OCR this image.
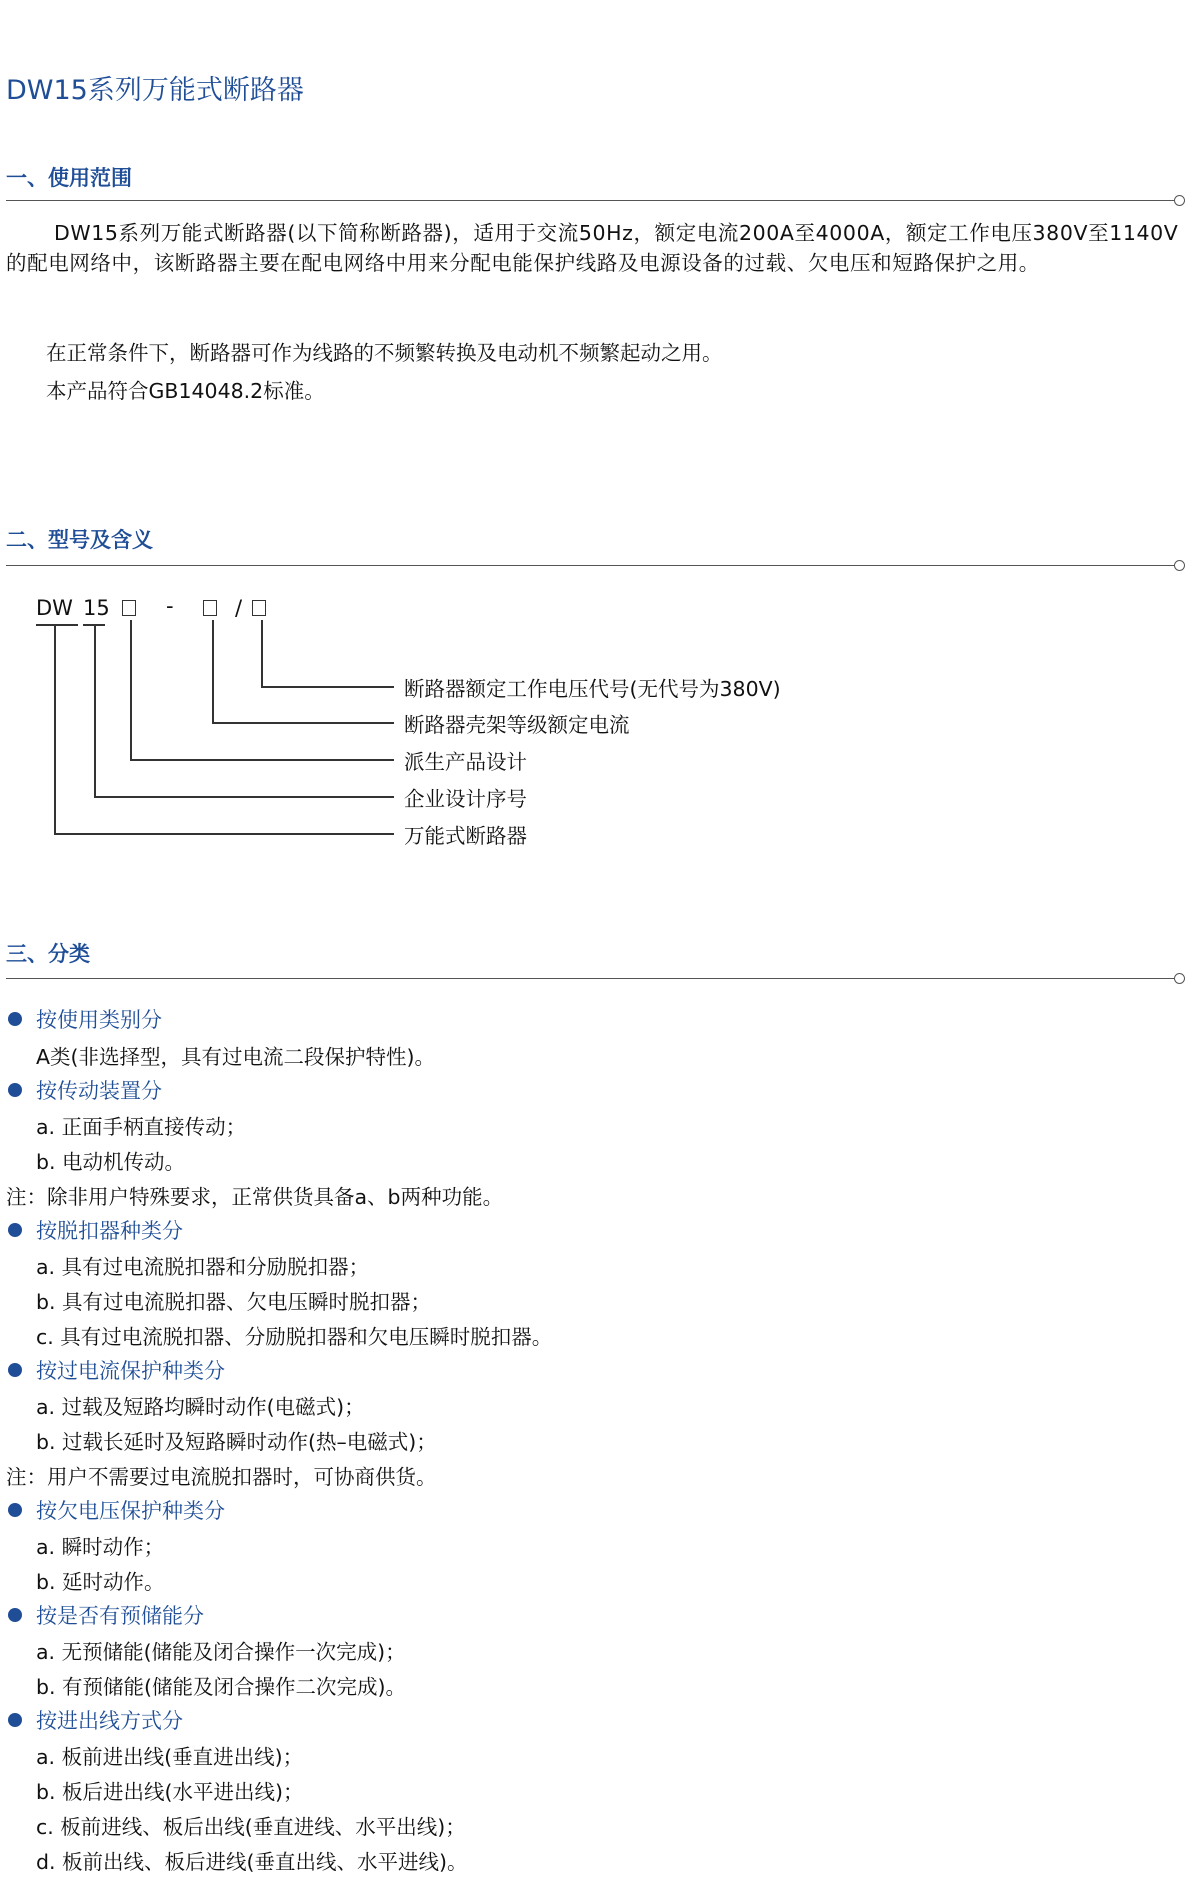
DW15系列万能式断路器
一、使用范围
DW15系列万能式断路器(以下简称断路器)，适用于交流50Hz，额定电流200A至4000A，额定工作电压380V至1140V的配电网络中，该断路器主要在配电网络中用来分配电能保护线路及电源设备的过载、欠电压和短路保护之用。
在正常条件下，断路器可作为线路的不频繁转换及电动机不频繁起动之用。
本产品符合GB14048.2标准。
二、型号及含义
DW 15	-	/
断路器额定工作电压代号(无代号为380V)
断路器壳架等级额定电流
派生产品设计
企业设计序号
万能式断路器
三、分类
按使用类别分
A类(非选择型，具有过电流二段保护特性)。
按传动装置分
a. 正面手柄直接传动；
b. 电动机传动。
注：除非用户特殊要求，正常供货具备a、b两种功能。
按脱扣器种类分
a. 具有过电流脱扣器和分励脱扣器；
b. 具有过电流脱扣器、欠电压瞬时脱扣器；
c. 具有过电流脱扣器、分励脱扣器和欠电压瞬时脱扣器。
按过电流保护种类分
a. 过载及短路均瞬时动作(电磁式)；
b. 过载长延时及短路瞬时动作(热–电磁式)；
注：用户不需要过电流脱扣器时，可协商供货。
按欠电压保护种类分
a. 瞬时动作；
b. 延时动作。
按是否有预储能分
a. 无预储能(储能及闭合操作一次完成)；
b. 有预储能(储能及闭合操作二次完成)。
按进出线方式分
a. 板前进出线(垂直进出线)；
b. 板后进出线(水平进出线)；
c. 板前进线、板后出线(垂直进线、水平出线)；
d. 板前出线、板后进线(垂直出线、水平进线)。
